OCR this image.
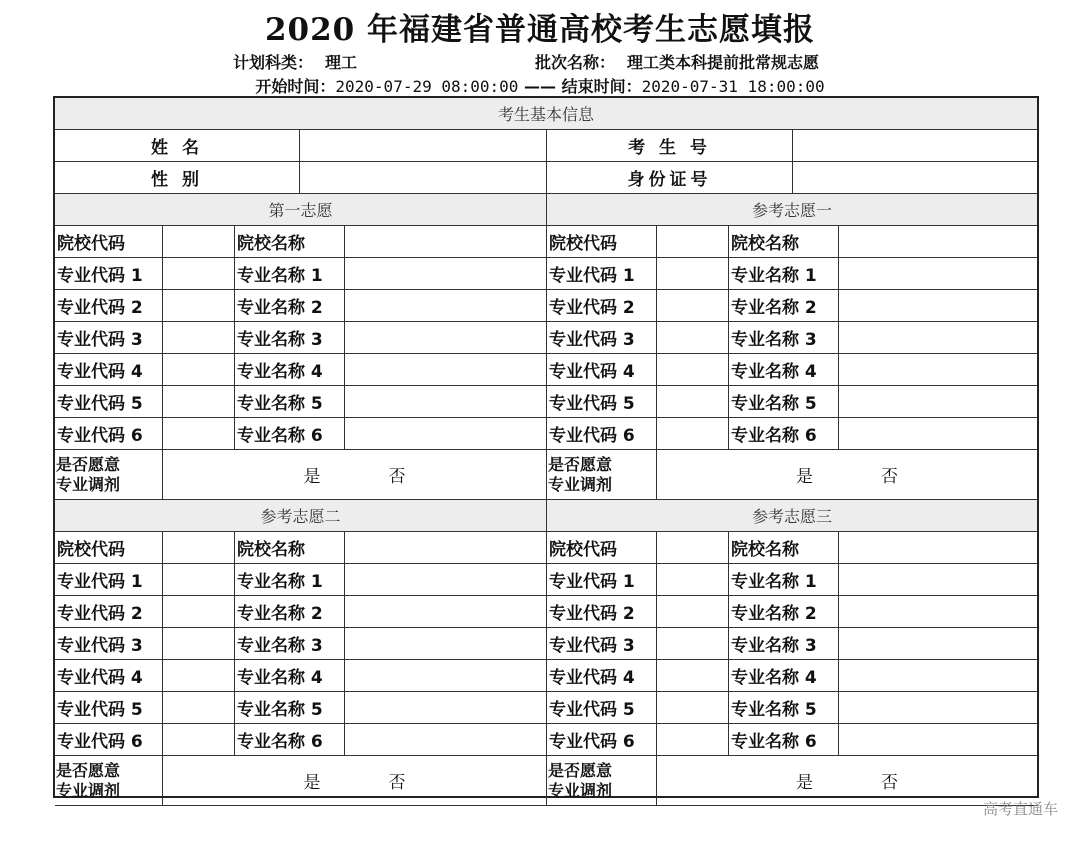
2020 年福建省普通高校考生志愿填报
计划科类： 理工	批次名称： 理工类本科提前批常规志愿
开始时间：2020-07-29 08:00:00 —— 结束时间：2020-07-31 18:00:00
考生基本信息
姓 名	考 生 号
性 别	身份证号
第一志愿
院校代码	院校名称
专业代码 1	专业名称 1
专业代码 2	专业名称 2
专业代码 3	专业名称 3
专业代码 4	专业名称 4
专业代码 5	专业名称 5
专业代码 6	专业名称 6
是否愿意
专业调剂	是	否
参考志愿一
院校代码	院校名称
专业代码 1	专业名称 1
专业代码 2	专业名称 2
专业代码 3	专业名称 3
专业代码 4	专业名称 4
专业代码 5	专业名称 5
专业代码 6	专业名称 6
是否愿意
专业调剂	是	否
参考志愿二
院校代码	院校名称
专业代码 1	专业名称 1
专业代码 2	专业名称 2
专业代码 3	专业名称 3
专业代码 4	专业名称 4
专业代码 5	专业名称 5
专业代码 6	专业名称 6
是否愿意
专业调剂	是	否
参考志愿三
院校代码	院校名称
专业代码 1	专业名称 1
专业代码 2	专业名称 2
专业代码 3	专业名称 3
专业代码 4	专业名称 4
专业代码 5	专业名称 5
专业代码 6	专业名称 6
是否愿意
专业调剂	是	否
高考直通车
